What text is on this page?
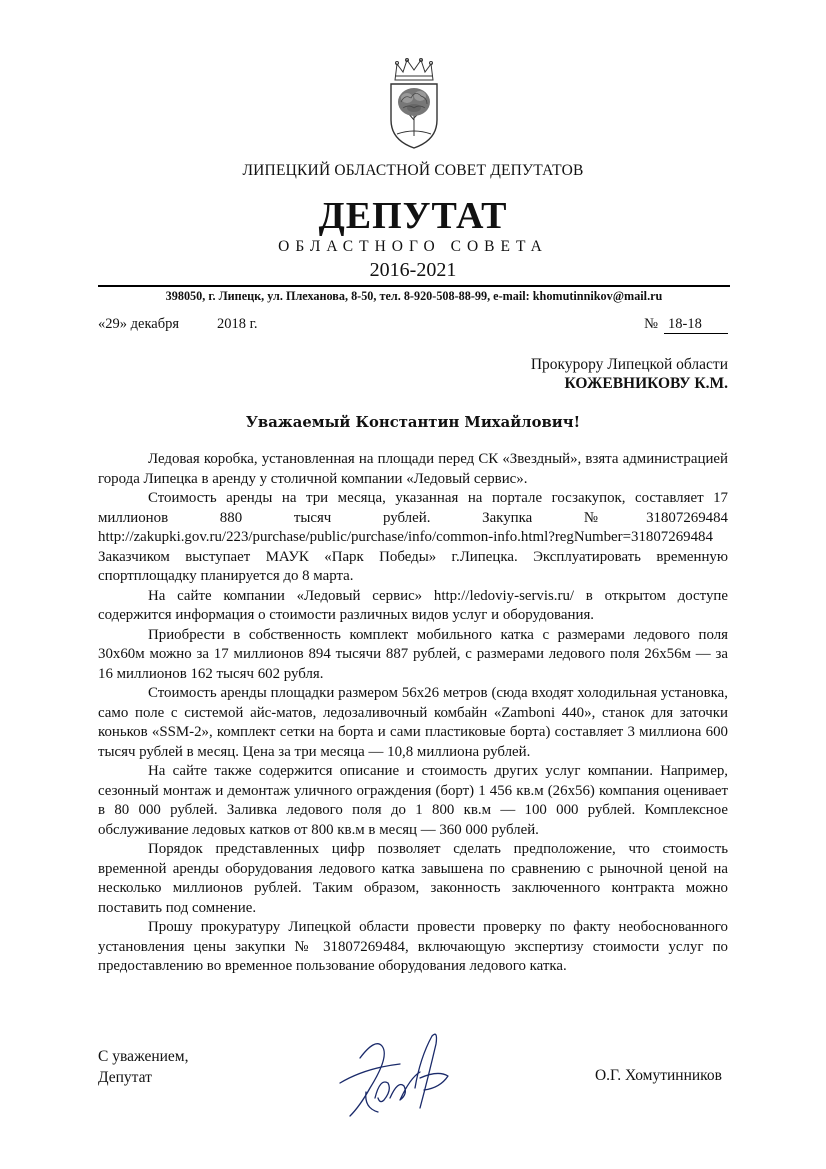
ЛИПЕЦКИЙ ОБЛАСТНОЙ СОВЕТ ДЕПУТАТОВ
ДЕПУТАТ
ОБЛАСТНОГО СОВЕТА
2016-2021
398050, г. Липецк, ул. Плеханова, 8-50, тел. 8-920-508-88-99, e-mail: khomutinnikov@mail.ru
«29» декабря	2018 г.	№ 18-18
Прокурору Липецкой области
КОЖЕВНИКОВУ К.М.
Уважаемый Константин Михайлович!

Ледовая коробка, установленная на площади перед СК «Звездный», взята администрацией города Липецка в аренду у столичной компании «Ледовый сервис».

Стоимость аренды на три месяца, указанная на портале госзакупок, составляет 17 миллионов 880 тысяч рублей. Закупка №31807269484 http://zakupki.gov.ru/223/purchase/public/purchase/info/common-info.html?regNumber=31807269484 Заказчиком выступает МАУК «Парк Победы» г.Липецка. Эксплуатировать временную спортплощадку планируется до 8 марта.

На сайте компании «Ледовый сервис» http://ledoviy-servis.ru/ в открытом доступе содержится информация о стоимости различных видов услуг и оборудования.

Приобрести в собственность комплект мобильного катка с размерами ледового поля 30х60м можно за 17 миллионов 894 тысячи 887 рублей, с размерами ледового поля 26х56м — за 16 миллионов 162 тысяч 602 рубля.

Стоимость аренды площадки размером 56х26 метров (сюда входят холодильная установка, само поле с системой айс-матов, ледозаливочный комбайн «Zamboni 440», станок для заточки коньков «SSM-2», комплект сетки на борта и сами пластиковые борта) составляет 3 миллиона 600 тысяч рублей в месяц. Цена за три месяца — 10,8 миллиона рублей.

На сайте также содержится описание и стоимость других услуг компании. Например, сезонный монтаж и демонтаж уличного ограждения (борт) 1 456 кв.м (26х56) компания оценивает в 80 000 рублей. Заливка ледового поля до 1 800 кв.м — 100 000 рублей. Комплексное обслуживание ледовых катков от 800 кв.м в месяц — 360 000 рублей.

Порядок представленных цифр позволяет сделать предположение, что стоимость временной аренды оборудования ледового катка завышена по сравнению с рыночной ценой на несколько миллионов рублей. Таким образом, законность заключенного контракта можно поставить под сомнение.

Прошу прокуратуру Липецкой области провести проверку по факту необоснованного установления цены закупки № 31807269484, включающую экспертизу стоимости услуг по предоставлению во временное пользование оборудования ледового катка.

С уважением,
Депутат	О.Г. Хомутинников
